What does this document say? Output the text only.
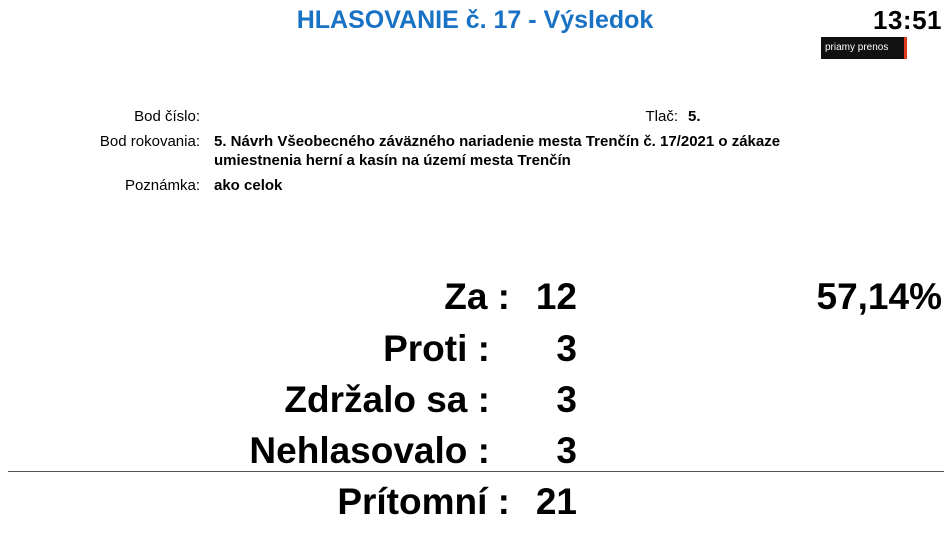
HLASOVANIE č. 17 - Výsledok	13:51
priamy prenos
Bod číslo:	Tlač: 5.
Bod rokovania: 5. Návrh Všeobecného záväzného nariadenie mesta Trenčín č. 17/2021 o zákaze
umiestnenia herní a kasín na území mesta Trenčín
Poznámka: ako celok
Za : 12	57,14%
Proti : 3
Zdržalo sa : 3
Nehlasovalo : 3
Prítomní : 21
